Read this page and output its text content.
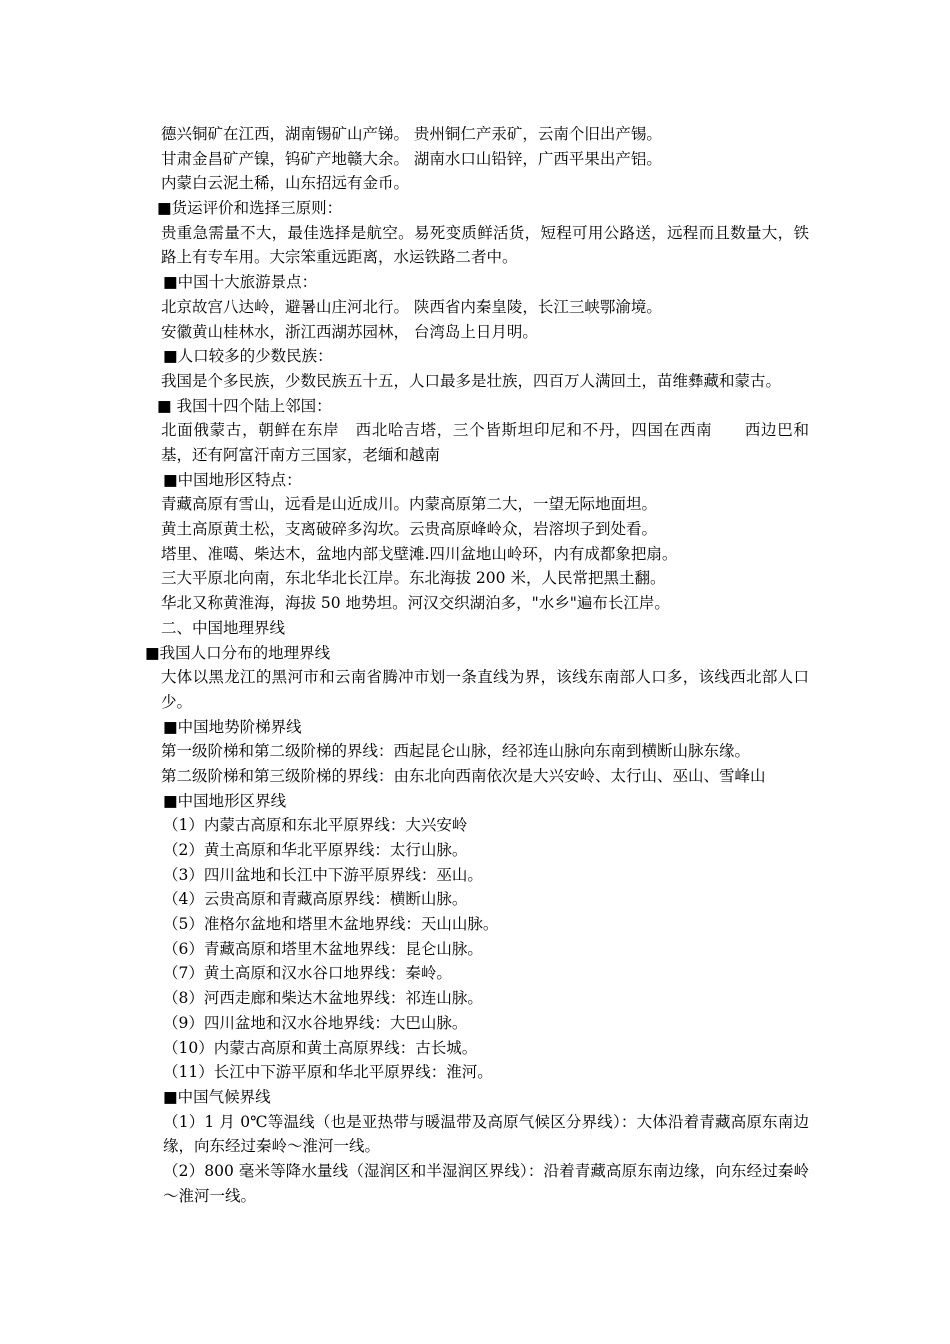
德兴铜矿在江西，湖南锡矿山产锑。 贵州铜仁产汞矿，云南个旧出产锡。
甘肃金昌矿产镍，钨矿产地赣大余。 湖南水口山铅锌，广西平果出产铝。
内蒙白云泥土稀，山东招远有金币。
■货运评价和选择三原则：
贵重急需量不大，最佳选择是航空。易死变质鲜活货，短程可用公路送，远程而且数量大，铁路上有专车用。大宗笨重远距离，水运铁路二者中。
■中国十大旅游景点：
北京故宫八达岭，避暑山庄河北行。 陕西省内秦皇陵，长江三峡鄂渝境。
安徽黄山桂林水，浙江西湖苏园林， 台湾岛上日月明。
■人口较多的少数民族：
我国是个多民族，少数民族五十五，人口最多是壮族，四百万人满回土，苗维彝藏和蒙古。
■ 我国十四个陆上邻国：
北面俄蒙古，朝鲜在东岸　西北哈吉塔，三个皆斯坦印尼和不丹，四国在西南　　西边巴和基，还有阿富汗南方三国家，老缅和越南
■中国地形区特点：
青藏高原有雪山，远看是山近成川。内蒙高原第二大，一望无际地面坦。
黄土高原黄土松，支离破碎多沟坎。云贵高原峰岭众，岩溶坝子到处看。
塔里、准噶、柴达木，盆地内部戈壁滩.四川盆地山岭环，内有成都象把扇。
三大平原北向南，东北华北长江岸。东北海拔 200 米，人民常把黑土翻。
华北又称黄淮海，海拔 50 地势坦。河汉交织湖泊多，"水乡"遍布长江岸。
二、中国地理界线
■我国人口分布的地理界线
大体以黑龙江的黑河市和云南省腾冲市划一条直线为界，该线东南部人口多，该线西北部人口少。
■中国地势阶梯界线
第一级阶梯和第二级阶梯的界线：西起昆仑山脉，经祁连山脉向东南到横断山脉东缘。
第二级阶梯和第三级阶梯的界线：由东北向西南依次是大兴安岭、太行山、巫山、雪峰山
■中国地形区界线
（1）内蒙古高原和东北平原界线：大兴安岭
（2）黄土高原和华北平原界线：太行山脉。
（3）四川盆地和长江中下游平原界线：巫山。
（4）云贵高原和青藏高原界线：横断山脉。
（5）准格尔盆地和塔里木盆地界线：天山山脉。
（6）青藏高原和塔里木盆地界线：昆仑山脉。
（7）黄土高原和汉水谷口地界线：秦岭。
（8）河西走廊和柴达木盆地界线：祁连山脉。
（9）四川盆地和汉水谷地界线：大巴山脉。
（10）内蒙古高原和黄土高原界线：古长城。
（11）长江中下游平原和华北平原界线：淮河。
■中国气候界线
（1）1 月 0℃等温线（也是亚热带与暖温带及高原气候区分界线）：大体沿着青藏高原东南边缘，向东经过秦岭～淮河一线。
（2）800 毫米等降水量线（湿润区和半湿润区界线）：沿着青藏高原东南边缘，向东经过秦岭～淮河一线。
